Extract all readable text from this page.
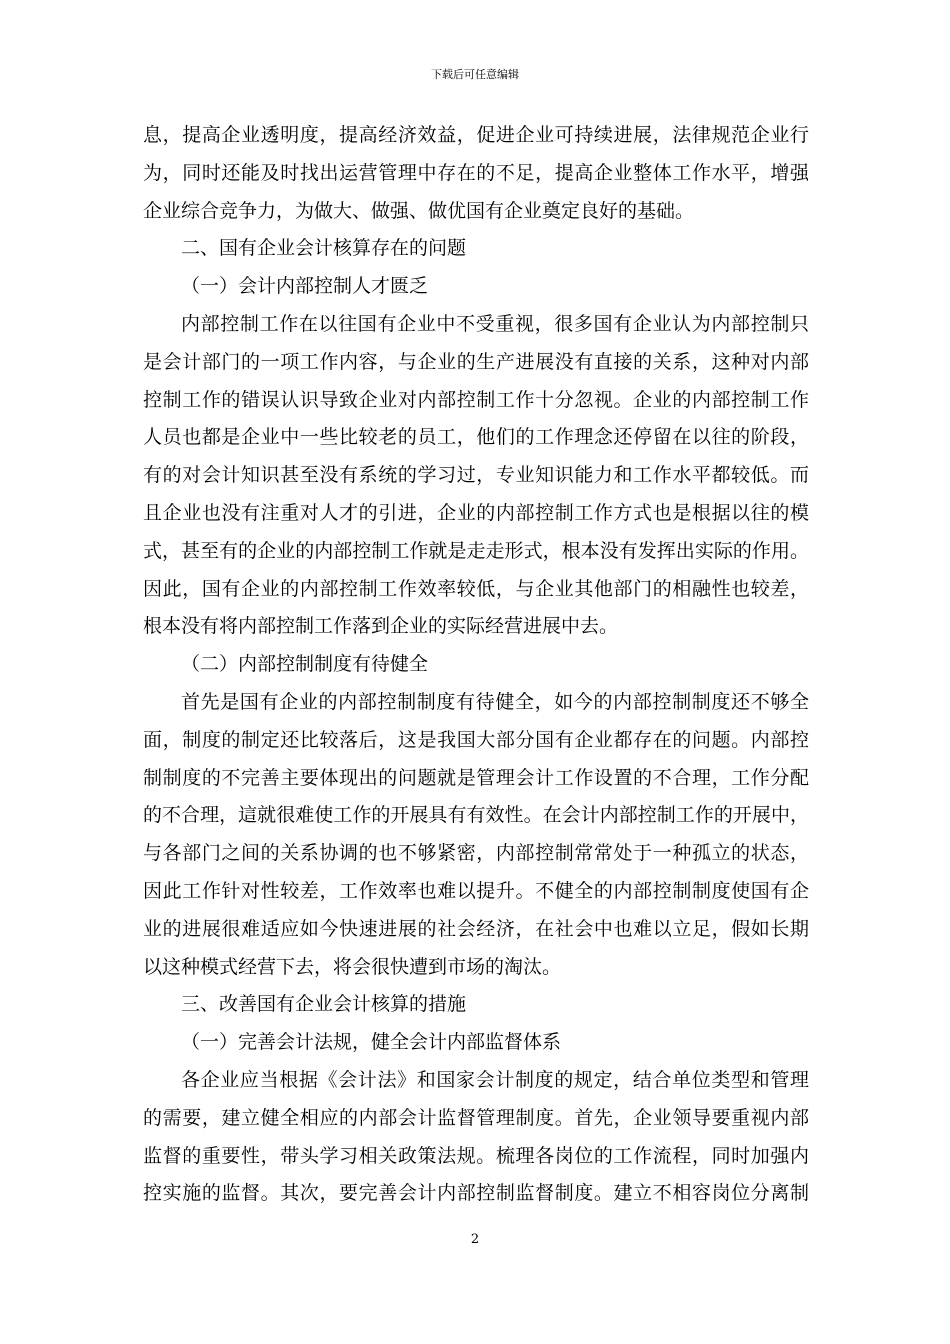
下载后可任意编辑
息，提高企业透明度，提高经济效益，促进企业可持续进展，法律规范企业行
为，同时还能及时找出运营管理中存在的不足，提高企业整体工作水平，增强
企业综合竞争力，为做大、做强、做优国有企业奠定良好的基础。
二、国有企业会计核算存在的问题
（一）会计内部控制人才匮乏
内部控制工作在以往国有企业中不受重视，很多国有企业认为内部控制只
是会计部门的一项工作内容，与企业的生产进展没有直接的关系，这种对内部
控制工作的错误认识导致企业对内部控制工作十分忽视。企业的内部控制工作
人员也都是企业中一些比较老的员工，他们的工作理念还停留在以往的阶段，
有的对会计知识甚至没有系统的学习过，专业知识能力和工作水平都较低。而
且企业也没有注重对人才的引进，企业的内部控制工作方式也是根据以往的模
式，甚至有的企业的内部控制工作就是走走形式，根本没有发挥出实际的作用。
因此，国有企业的内部控制工作效率较低，与企业其他部门的相融性也较差，
根本没有将内部控制工作落到企业的实际经营进展中去。
（二）内部控制制度有待健全
首先是国有企业的内部控制制度有待健全，如今的内部控制制度还不够全
面，制度的制定还比较落后，这是我国大部分国有企业都存在的问题。内部控
制制度的不完善主要体现出的问题就是管理会计工作设置的不合理，工作分配
的不合理，這就很难使工作的开展具有有效性。在会计内部控制工作的开展中，
与各部门之间的关系协调的也不够紧密，内部控制常常处于一种孤立的状态，
因此工作针对性较差，工作效率也难以提升。不健全的内部控制制度使国有企
业的进展很难适应如今快速进展的社会经济，在社会中也难以立足，假如长期
以这种模式经营下去，将会很快遭到市场的淘汰。
三、改善国有企业会计核算的措施
（一）完善会计法规，健全会计内部监督体系
各企业应当根据《会计法》和国家会计制度的规定，结合单位类型和管理
的需要，建立健全相应的内部会计监督管理制度。首先，企业领导要重视内部
监督的重要性，带头学习相关政策法规。梳理各岗位的工作流程，同时加强内
控实施的监督。其次，要完善会计内部控制监督制度。建立不相容岗位分离制
2
